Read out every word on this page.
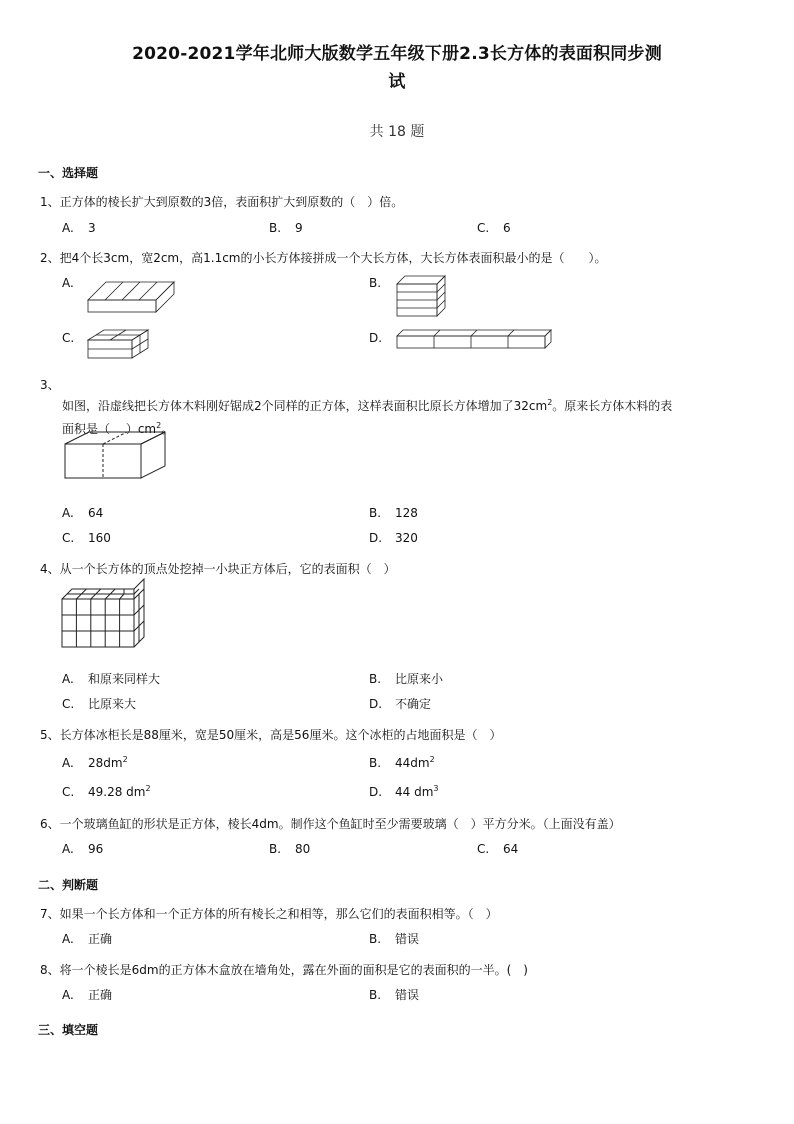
2020-2021学年北师大版数学五年级下册2.3长方体的表面积同步测
试
共 18 题
一、选择题
1、正方体的棱长扩大到原数的3倍，表面积扩大到原数的（　）倍。
A. 3	B. 9	C. 6
2、把4个长3cm，宽2cm，高1.1cm的小长方体接拼成一个大长方体，大长方体表面积最小的是（　　）。
A.	B.
C.	D.
3、
如图，沿虚线把长方体木料刚好锯成2个同样的正方体，这样表面积比原长方体增加了$32cm^2$。原来长方体木料的表
面积是（　 ）$cm^2$。
A. 64	B. 128
C. 160	D. 320
4、从一个长方体的顶点处挖掉一小块正方体后，它的表面积（　）
A. 和原来同样大	B. 比原来小
C. 比原来大	D. 不确定
5、长方体冰柜长是88厘米，宽是50厘米，高是56厘米。这个冰柜的占地面积是（　）
A. $28dm^2$	B. $44dm^2$
C. 49.28 $dm^2$	D. 44 $dm^3$
6、一个玻璃鱼缸的形状是正方体，棱长4dm。制作这个鱼缸时至少需要玻璃（　）平方分米。（上面没有盖）
A. 96	B. 80	C. 64
二、判断题
7、如果一个长方体和一个正方体的所有棱长之和相等，那么它们的表面积相等。（　）
A. 正确	B. 错误
8、将一个棱长是6dm的正方体木盒放在墙角处，露在外面的面积是它的表面积的一半。(　)
A. 正确	B. 错误
三、填空题
